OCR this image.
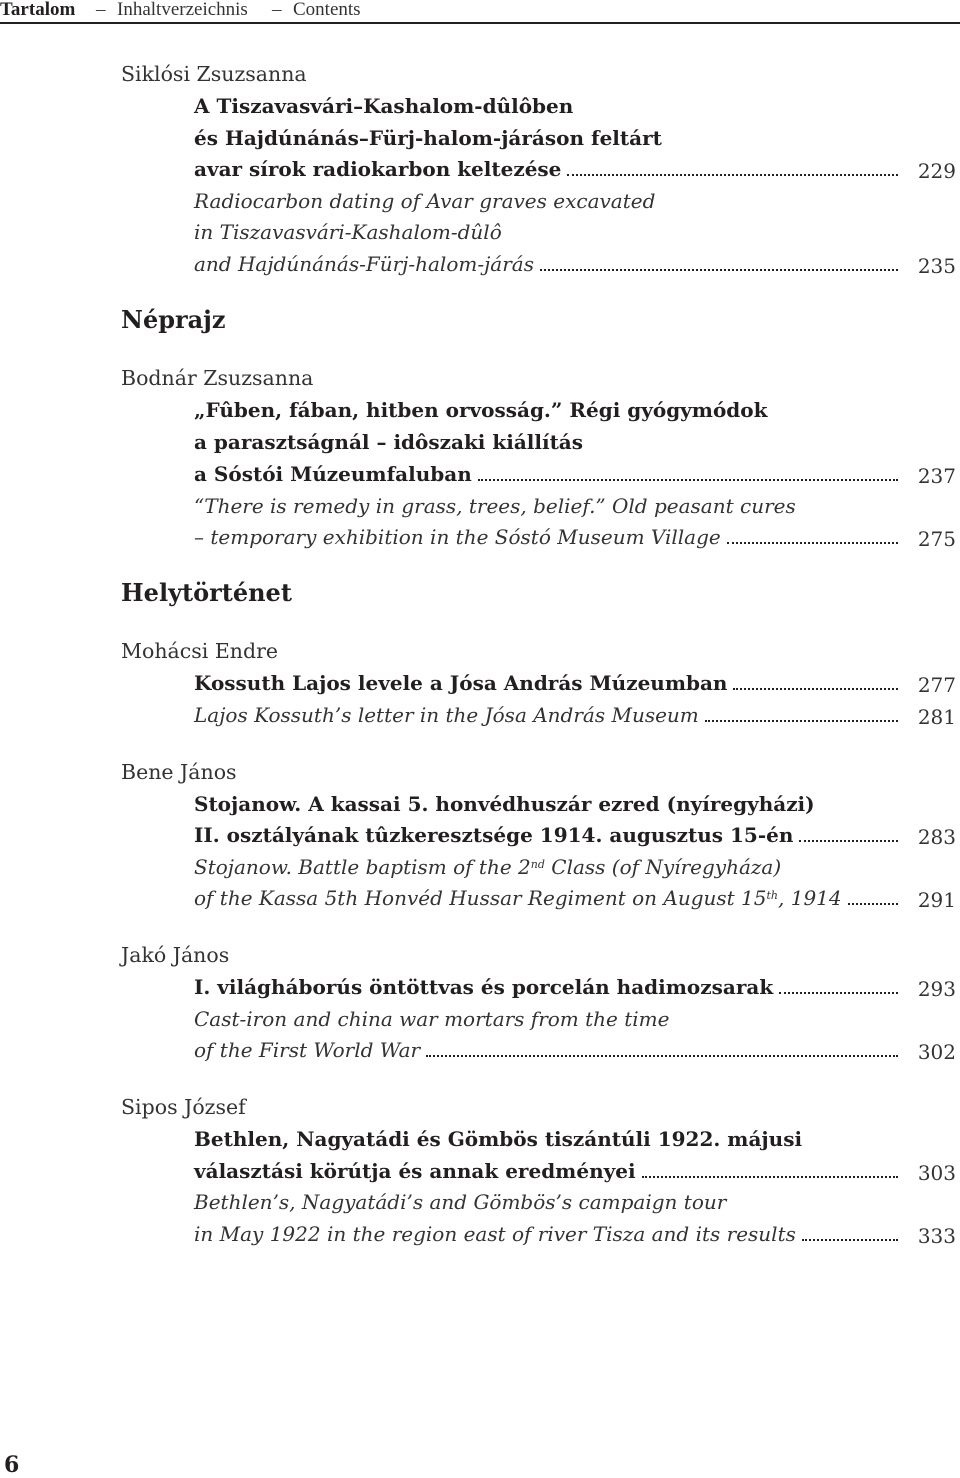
Tartalom – Inhaltverzeichnis – Contents
Siklósi Zsuzsanna
A Tiszavasvári–Kashalom-dûlôben
és Hajdúnánás–Fürj-halom-járáson feltárt
avar sírok radiokarbon keltezése	229
Radiocarbon dating of Avar graves excavated
in Tiszavasvári-Kashalom-dûlô
and Hajdúnánás-Fürj-halom-járás	235
Néprajz
Bodnár Zsuzsanna
„Fûben, fában, hitben orvosság.” Régi gyógymódok
a parasztságnál – idôszaki kiállítás
a Sóstói Múzeumfaluban	237
“There is remedy in grass, trees, belief.” Old peasant cures
– temporary exhibition in the Sóstó Museum Village	275
Helytörténet
Mohácsi Endre
Kossuth Lajos levele a Jósa András Múzeumban	277
Lajos Kossuth’s letter in the Jósa András Museum	281
Bene János
Stojanow. A kassai 5. honvédhuszár ezred (nyíregyházi)
II. osztályának tûzkeresztsége 1914. augusztus 15-én	283
Stojanow. Battle baptism of the 2nd Class (of Nyíregyháza)
of the Kassa 5th Honvéd Hussar Regiment on August 15th, 1914	291
Jakó János
I. világháborús öntöttvas és porcelán hadimozsarak	293
Cast-iron and china war mortars from the time
of the First World War	302
Sipos József
Bethlen, Nagyatádi és Gömbös tiszántúli 1922. májusi
választási körútja és annak eredményei	303
Bethlen’s, Nagyatádi’s and Gömbös’s campaign tour
in May 1922 in the region east of river Tisza and its results	333
6
